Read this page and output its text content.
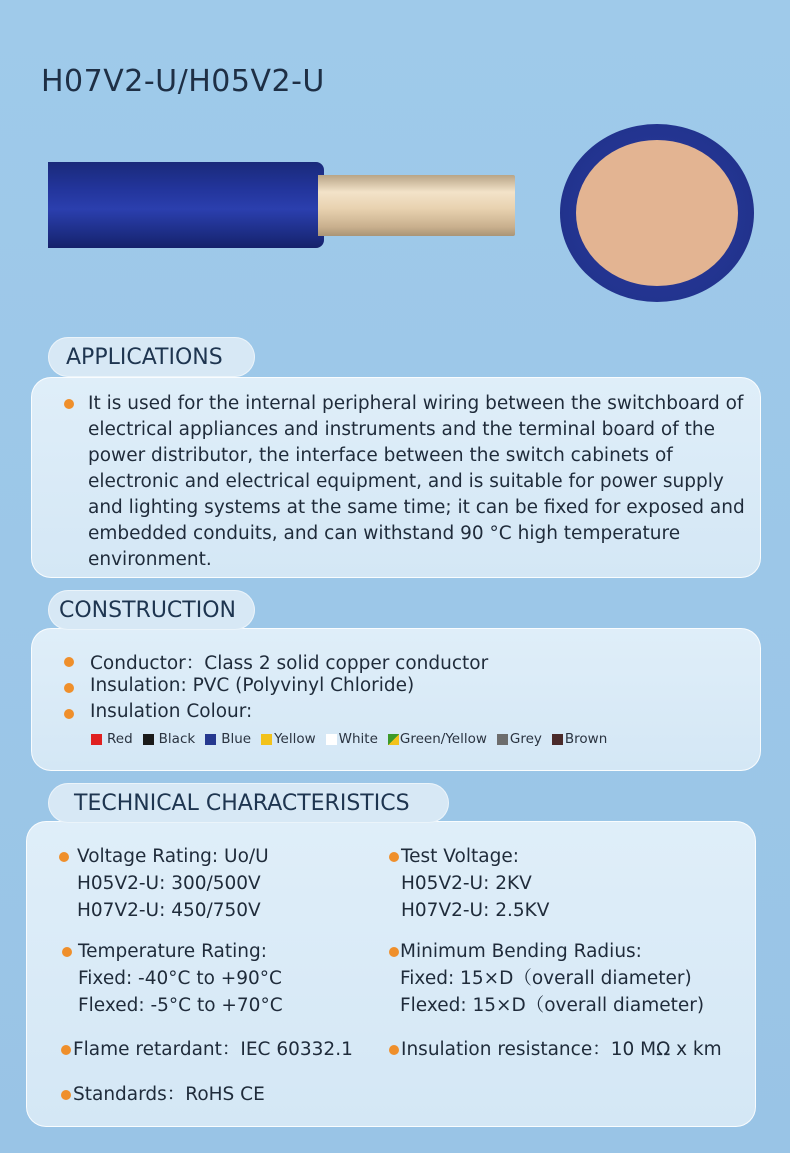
H07V2-U/H05V2-U
APPLICATIONS
It is used for the internal peripheral wiring between the switchboard of electrical appliances and instruments and the terminal board of the power distributor, the interface between the switch cabinets of electronic and electrical equipment, and is suitable for power supply and lighting systems at the same time; it can be fixed for exposed and embedded conduits, and can withstand 90 °C high temperature environment.
CONSTRUCTION
Conductor：Class 2 solid copper conductor
Insulation: PVC (Polyvinyl Chloride)
Insulation Colour:
Red Black Blue Yellow White Green/Yellow Grey Brown
TECHNICAL CHARACTERISTICS
Voltage Rating: Uo/U
H05V2-U: 300/500V
H07V2-U: 450/750V
Test Voltage:
H05V2-U: 2KV
H07V2-U: 2.5KV
Temperature Rating:
Fixed: -40°C to +90°C
Flexed: -5°C to +70°C
Minimum Bending Radius:
Fixed: 15×D（overall diameter)
Flexed: 15×D（overall diameter)
Flame retardant：IEC 60332.1	Insulation resistance：10 MΩ x km
Standards：RoHS CE
